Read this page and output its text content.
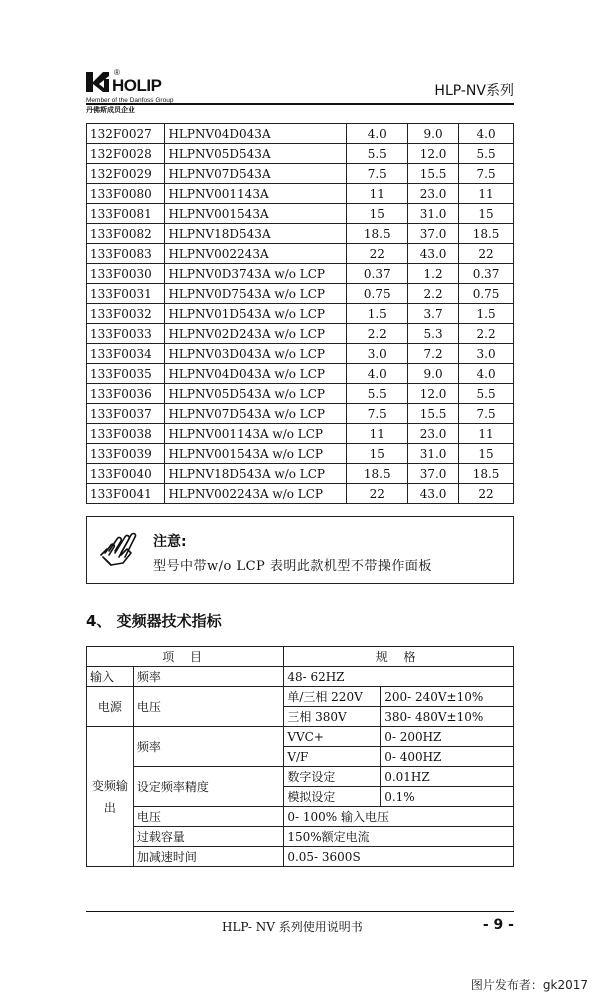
HOLIP
®
Member of the Danfoss Group
丹佛斯成员企业
HLP-NV系列
132F0027	HLPNV04D043A	4.0	9.0	4.0
132F0028	HLPNV05D543A	5.5	12.0	5.5
132F0029	HLPNV07D543A	7.5	15.5	7.5
133F0080	HLPNV001143A	11	23.0	11
133F0081	HLPNV001543A	15	31.0	15
133F0082	HLPNV18D543A	18.5	37.0	18.5
133F0083	HLPNV002243A	22	43.0	22
133F0030	HLPNV0D3743A w/o LCP	0.37	1.2	0.37
133F0031	HLPNV0D7543A w/o LCP	0.75	2.2	0.75
133F0032	HLPNV01D543A w/o LCP	1.5	3.7	1.5
133F0033	HLPNV02D243A w/o LCP	2.2	5.3	2.2
133F0034	HLPNV03D043A w/o LCP	3.0	7.2	3.0
133F0035	HLPNV04D043A w/o LCP	4.0	9.0	4.0
133F0036	HLPNV05D543A w/o LCP	5.5	12.0	5.5
133F0037	HLPNV07D543A w/o LCP	7.5	15.5	7.5
133F0038	HLPNV001143A w/o LCP	11	23.0	11
133F0039	HLPNV001543A w/o LCP	15	31.0	15
133F0040	HLPNV18D543A w/o LCP	18.5	37.0	18.5
133F0041	HLPNV002243A w/o LCP	22	43.0	22
注意:
型号中带w/o LCP 表明此款机型不带操作面板
4、 变频器技术指标
项 目		规 格	
输入	频率	48- 62HZ	
电源	电压	单/三相 220V	200- 240V±10%
		三相 380V	380- 480V±10%
变频输出	频率	VVC+	0- 200HZ
		V/F	0- 400HZ
	设定频率精度	数字设定	0.01HZ
		模拟设定	0.1%
	电压	0- 100% 输入电压	
	过载容量	150%额定电流	
	加减速时间	0.05- 3600S	
HLP- NV 系列使用说明书	- 9 -
图片发布者：gk2017
